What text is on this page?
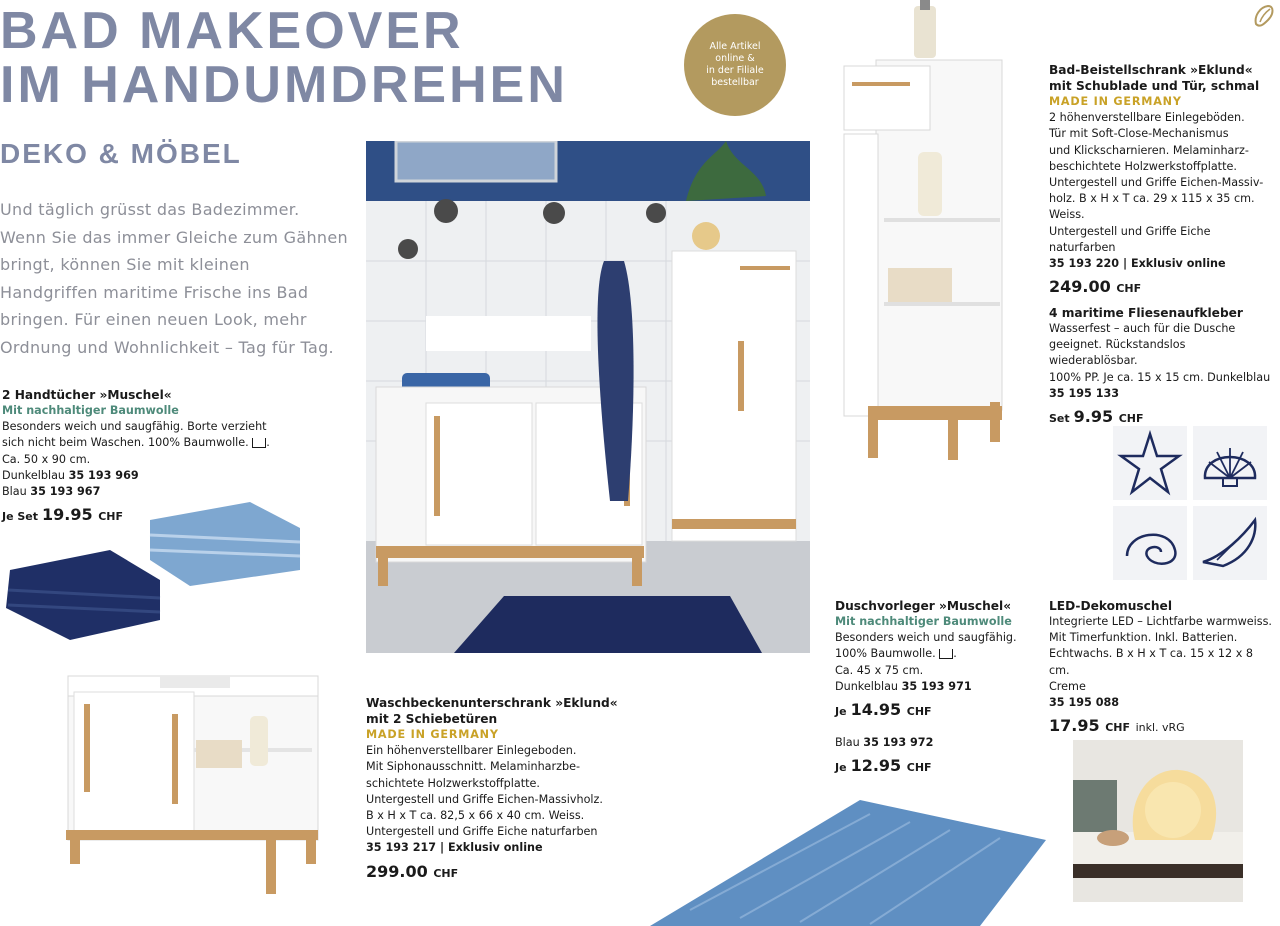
BAD MAKEOVER
IM HANDUMDREHEN
DEKO & MÖBEL
Und täglich grüsst das Badezimmer. Wenn Sie das immer Gleiche zum Gähnen bringt, können Sie mit kleinen Handgriffen maritime Frische ins Bad bringen. Für einen neuen Look, mehr Ordnung und Wohnlichkeit – Tag für Tag.
Alle Artikel
online &
in der Filiale
bestellbar
2 Handtücher »Muschel«
Mit nachhaltiger Baumwolle
Besonders weich und saugfähig. Borte verzieht
sich nicht beim Waschen. 100% Baumwolle. .
Ca. 50 x 90 cm.
Dunkelblau 35 193 969
Blau 35 193 967
Je Set 19.95 CHF
Waschbeckenunterschrank »Eklund«
mit 2 Schiebetüren
MADE IN GERMANY
Ein höhenverstellbarer Einlegeboden.
Mit Siphonausschnitt. Melaminharzbe-
schichtete Holzwerkstoffplatte.
Untergestell und Griffe Eichen-Massivholz.
B x H x T ca. 82,5 x 66 x 40 cm. Weiss.
Untergestell und Griffe Eiche naturfarben
35 193 217 | Exklusiv online
299.00 CHF
Bad-Beistellschrank »Eklund«
mit Schublade und Tür, schmal
MADE IN GERMANY
2 höhenverstellbare Einlegeböden.
Tür mit Soft-Close-Mechanismus
und Klickscharnieren. Melaminharz-
beschichtete Holzwerkstoffplatte.
Untergestell und Griffe Eichen-Massiv-
holz. B x H x T ca. 29 x 115 x 35 cm. Weiss.
Untergestell und Griffe Eiche naturfarben
35 193 220 | Exklusiv online
249.00 CHF
4 maritime Fliesenaufkleber
Wasserfest – auch für die Dusche
geeignet. Rückstandslos wiederablösbar.
100% PP. Je ca. 15 x 15 cm. Dunkelblau
35 195 133
Set 9.95 CHF
Duschvorleger »Muschel«
Mit nachhaltiger Baumwolle
Besonders weich und saugfähig.
100% Baumwolle. .
Ca. 45 x 75 cm.
Dunkelblau 35 193 971
Je 14.95 CHF
Blau 35 193 972
Je 12.95 CHF
LED-Dekomuschel
Integrierte LED – Lichtfarbe warmweiss.
Mit Timerfunktion. Inkl. Batterien.
Echtwachs. B x H x T ca. 15 x 12 x 8 cm.
Creme
35 195 088
17.95 CHF inkl. vRG
